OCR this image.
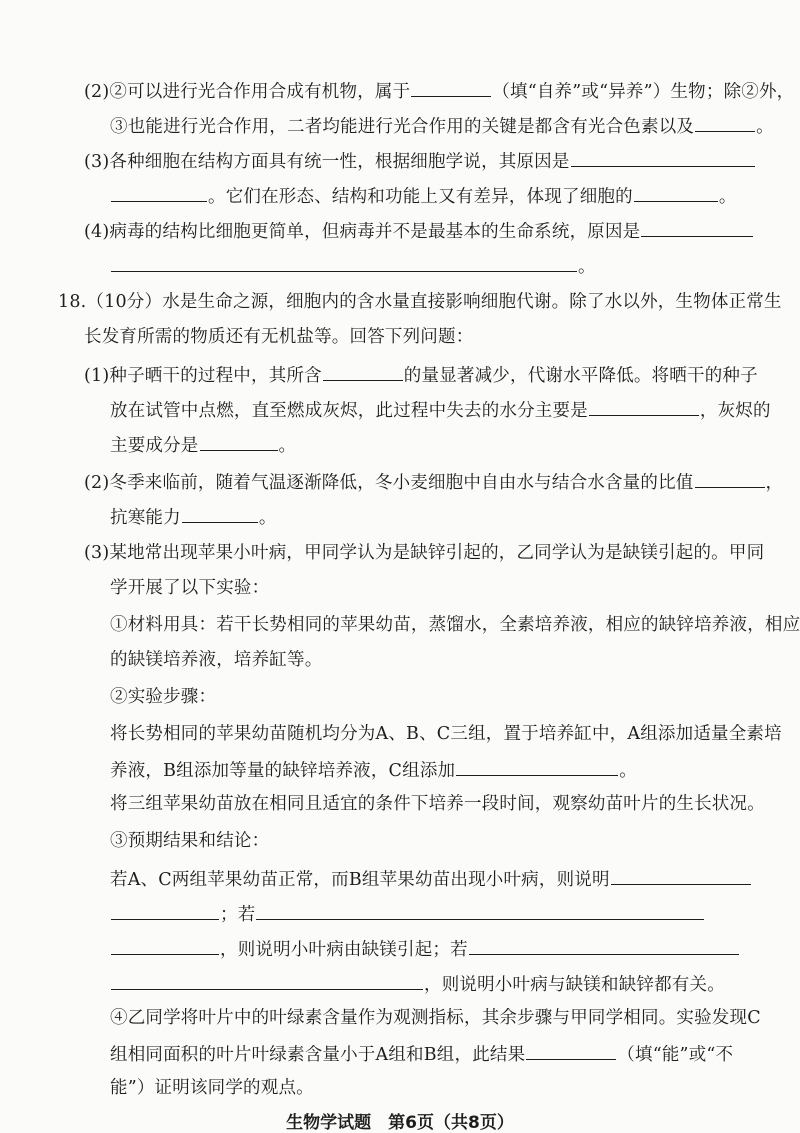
(2)②可以进行光合作用合成有机物，属于	（填“自养”或“异养”）生物；除②外，
③也能进行光合作用，二者均能进行光合作用的关键是都含有光合色素以及	。
(3)各种细胞在结构方面具有统一性，根据细胞学说，其原因是
。它们在形态、结构和功能上又有差异，体现了细胞的	。
(4)病毒的结构比细胞更简单，但病毒并不是最基本的生命系统，原因是
。
18.（10分）水是生命之源，细胞内的含水量直接影响细胞代谢。除了水以外，生物体正常生
长发育所需的物质还有无机盐等。回答下列问题：
(1)种子晒干的过程中，其所含	的量显著减少，代谢水平降低。将晒干的种子
放在试管中点燃，直至燃成灰烬，此过程中失去的水分主要是	，灰烬的
主要成分是	。
(2)冬季来临前，随着气温逐渐降低，冬小麦细胞中自由水与结合水含量的比值	，
抗寒能力	。
(3)某地常出现苹果小叶病，甲同学认为是缺锌引起的，乙同学认为是缺镁引起的。甲同
学开展了以下实验：
①材料用具：若干长势相同的苹果幼苗，蒸馏水，全素培养液，相应的缺锌培养液，相应
的缺镁培养液，培养缸等。
②实验步骤：
将长势相同的苹果幼苗随机均分为A、B、C三组，置于培养缸中，A组添加适量全素培
养液，B组添加等量的缺锌培养液，C组添加	。
将三组苹果幼苗放在相同且适宜的条件下培养一段时间，观察幼苗叶片的生长状况。
③预期结果和结论：
若A、C两组苹果幼苗正常，而B组苹果幼苗出现小叶病，则说明
；若
，则说明小叶病由缺镁引起；若
，则说明小叶病与缺镁和缺锌都有关。
④乙同学将叶片中的叶绿素含量作为观测指标，其余步骤与甲同学相同。实验发现C
组相同面积的叶片叶绿素含量小于A组和B组，此结果	（填“能”或“不
能”）证明该同学的观点。
生物学试题　第6页（共8页）
